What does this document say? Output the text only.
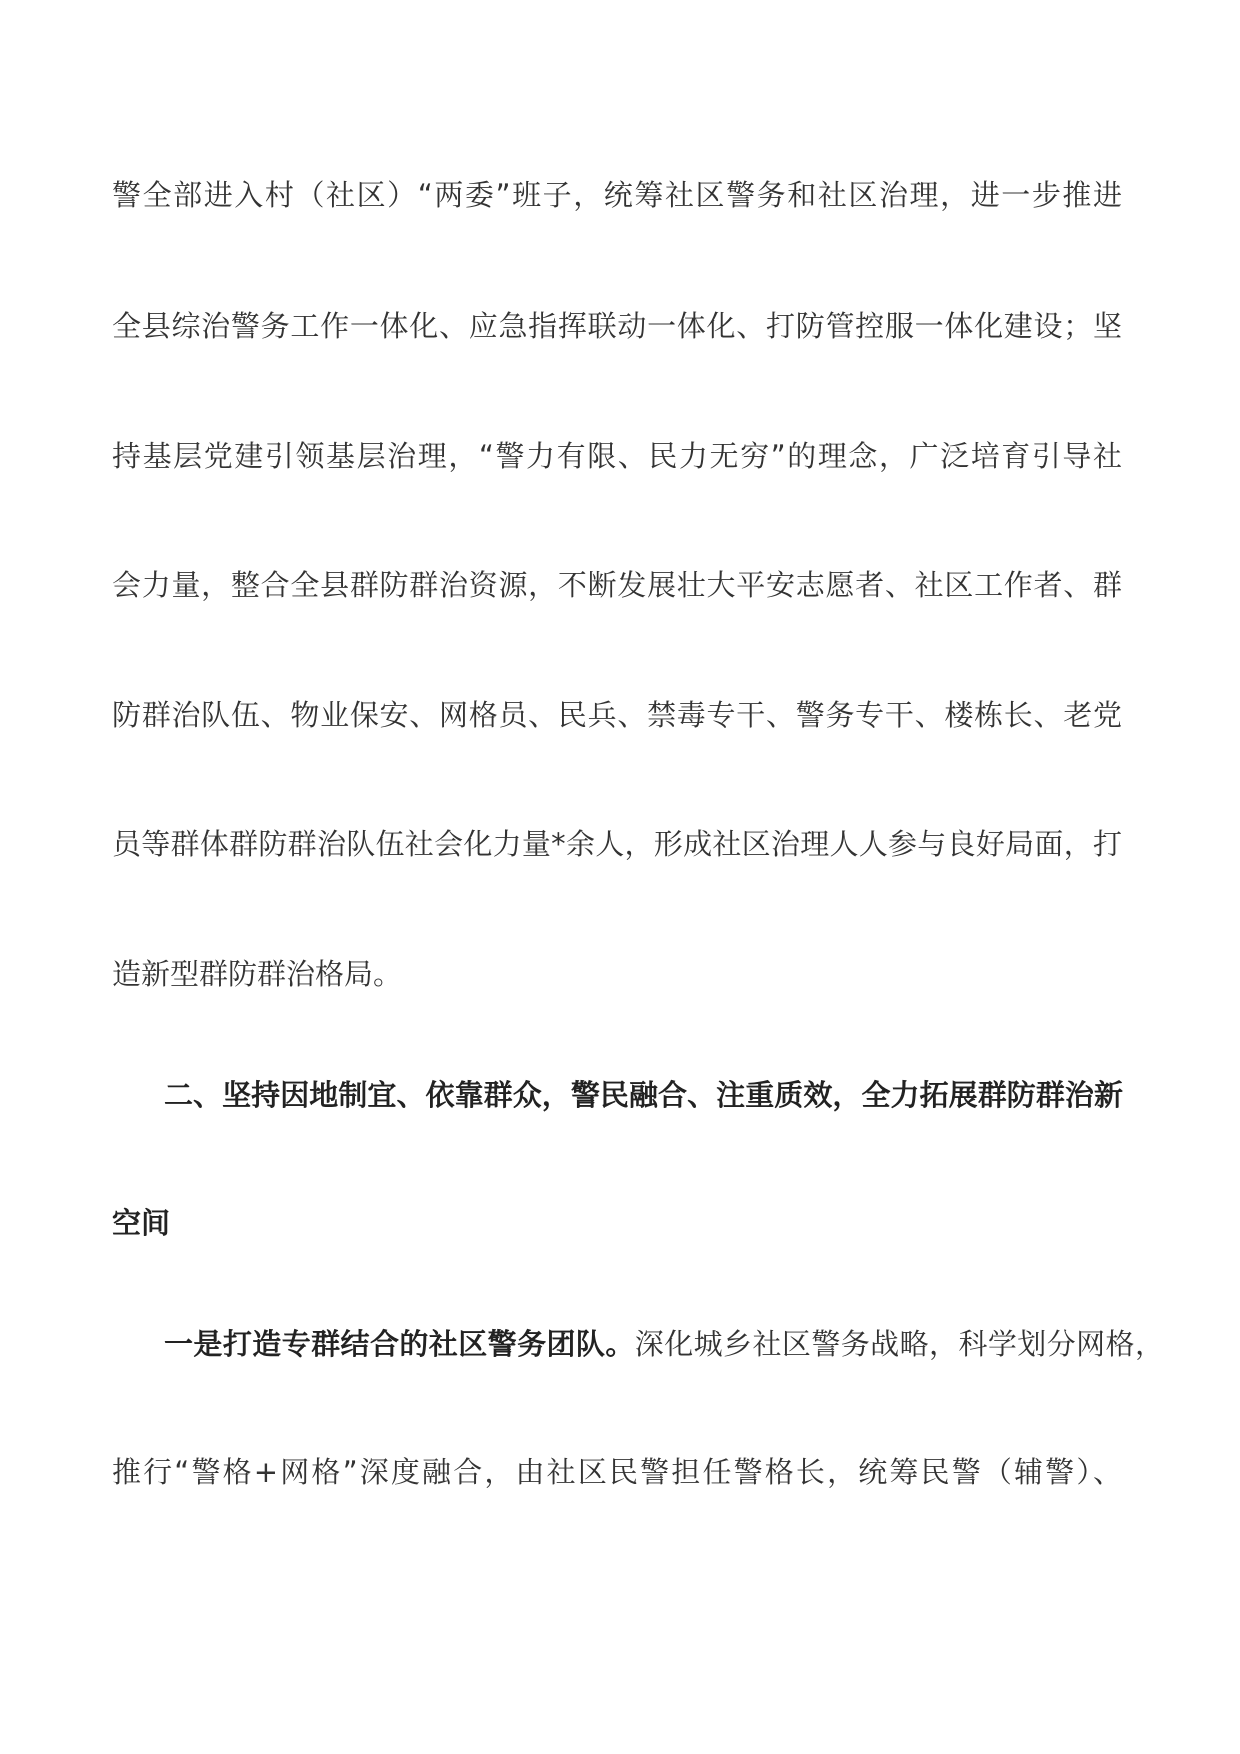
警全部进入村（社区）“两委”班子，统筹社区警务和社区治理，进一步推进
全县综治警务工作一体化、应急指挥联动一体化、打防管控服一体化建设；坚
持基层党建引领基层治理，“警力有限、民力无穷”的理念，广泛培育引导社
会力量，整合全县群防群治资源，不断发展壮大平安志愿者、社区工作者、群
防群治队伍、物业保安、网格员、民兵、禁毒专干、警务专干、楼栋长、老党
员等群体群防群治队伍社会化力量*余人，形成社区治理人人参与良好局面，打
造新型群防群治格局。
二、坚持因地制宜、依靠群众，警民融合、注重质效，全力拓展群防群治新
空间
一是打造专群结合的社区警务团队。深化城乡社区警务战略，科学划分网格，
推行“警格+网格”深度融合，由社区民警担任警格长，统筹民警（辅警）、
